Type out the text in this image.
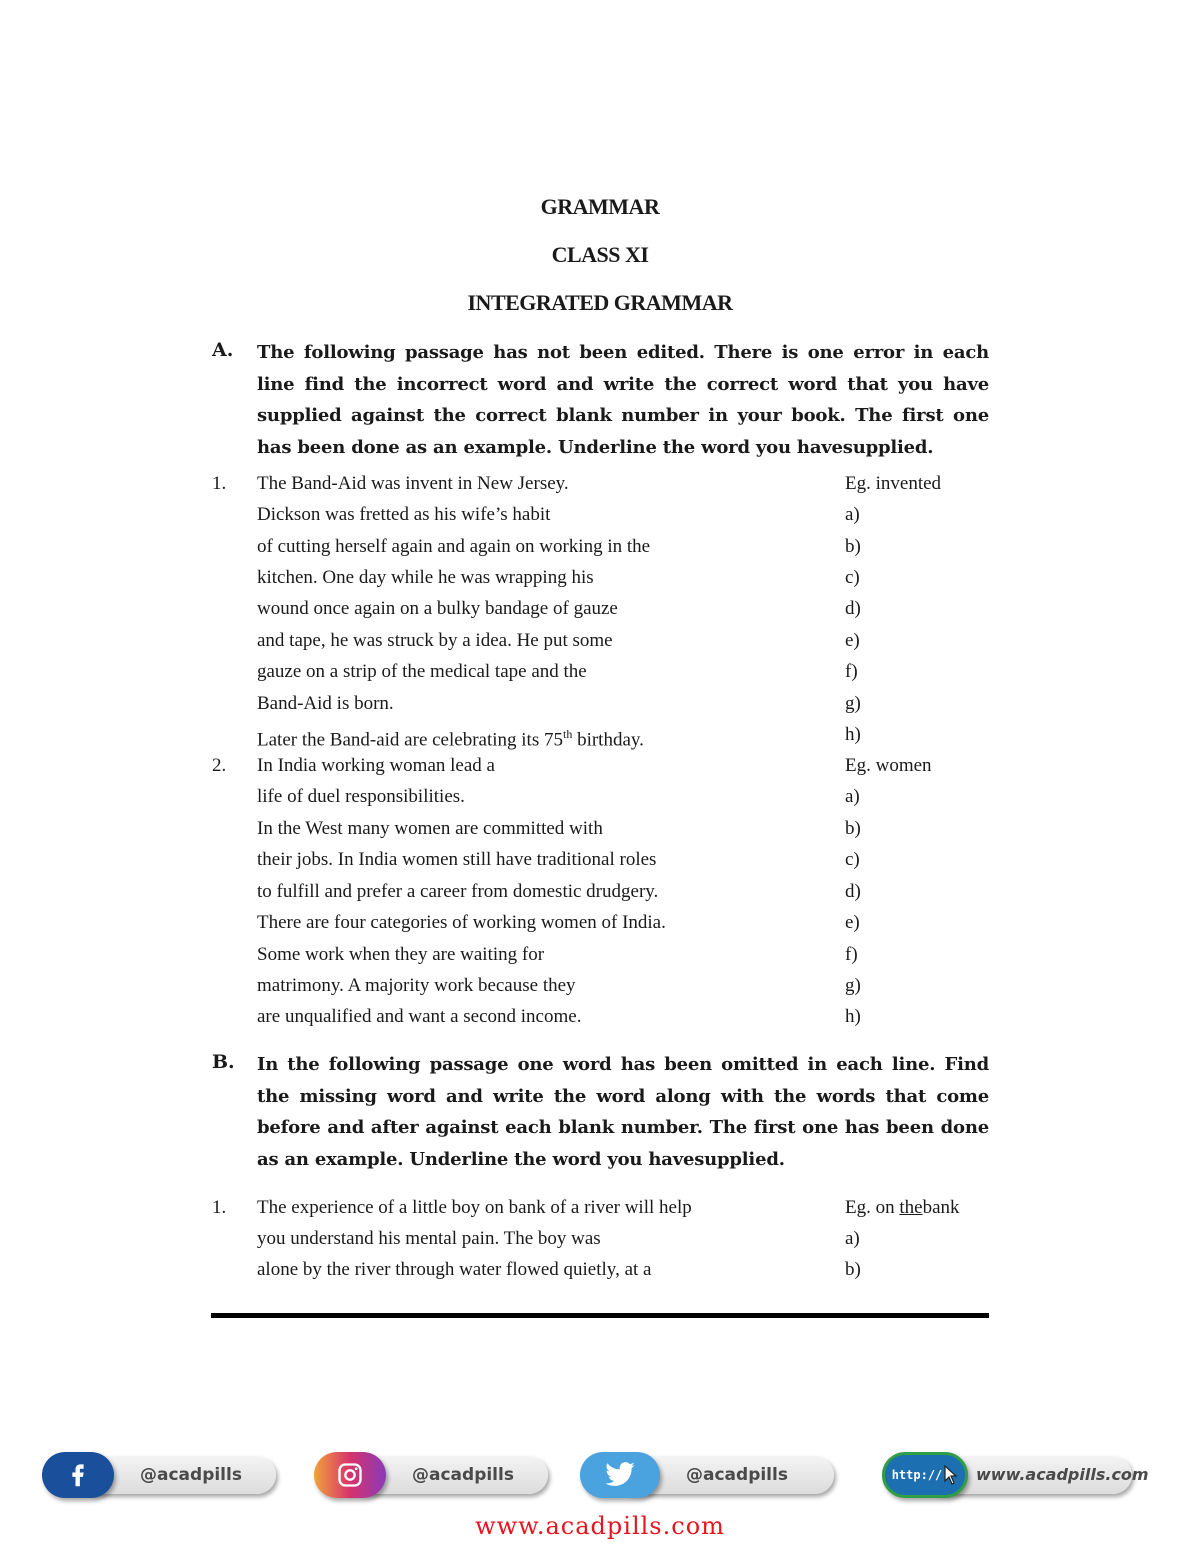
GRAMMAR
CLASS XI
INTEGRATED GRAMMAR
A. The following passage has not been edited. There is one error in each line find the incorrect word and write the correct word that you have supplied against the correct blank number in your book. The first one has been done as an example. Underline the word you havesupplied.
1. The Band-Aid was invent in New Jersey.	Eg. invented
Dickson was fretted as his wife’s habit	a)
of cutting herself again and again on working in the	b)
kitchen. One day while he was wrapping his	c)
wound once again on a bulky bandage of gauze	d)
and tape, he was struck by a idea. He put some	e)
gauze on a strip of the medical tape and the	f)
Band-Aid is born.	g)
Later the Band-aid are celebrating its 75th birthday.	h)
2. In India working woman lead a	Eg. women
life of duel responsibilities.	a)
In the West many women are committed with	b)
their jobs. In India women still have traditional roles	c)
to fulfill and prefer a career from domestic drudgery.	d)
There are four categories of working women of India.	e)
Some work when they are waiting for	f)
matrimony. A majority work because they	g)
are unqualified and want a second income.	h)
B. In the following passage one word has been omitted in each line. Find the missing word and write the word along with the words that come before and after against each blank number. The first one has been done as an example. Underline the word you havesupplied.
1. The experience of a little boy on bank of a river will help	Eg. on thebank
you understand his mental pain. The boy was	a)
alone by the river through water flowed quietly, at a	b)
@acadpills	@acadpills	@acadpills	http:// www.acadpills.com
www.acadpills.com
